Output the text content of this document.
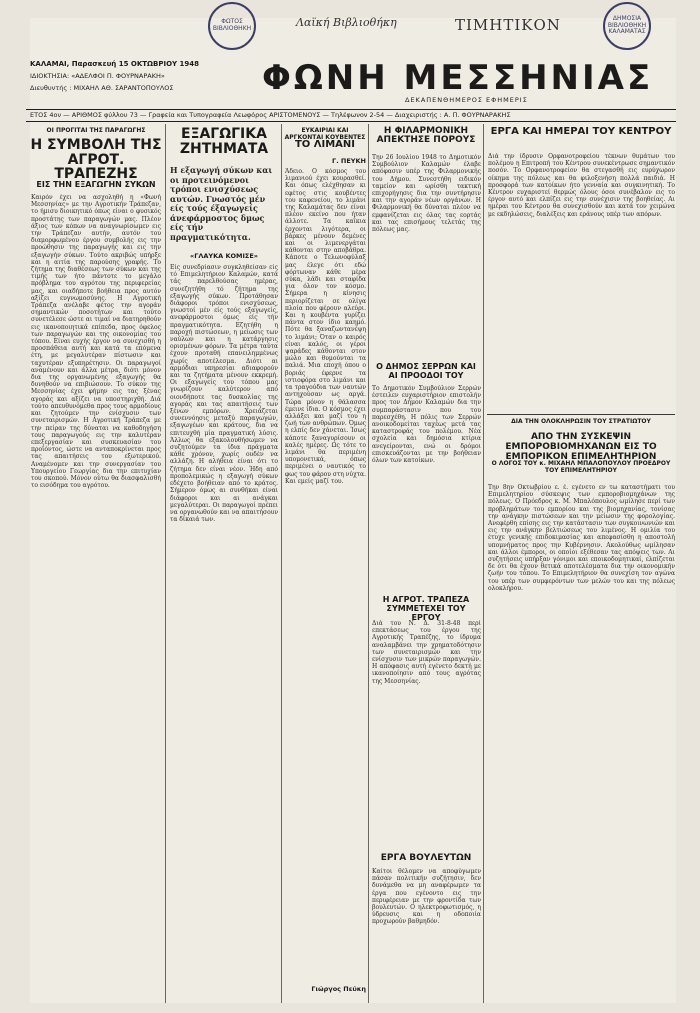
ΦΩΤΟΣ ΒΙΒΛΙΟΘΗΚΗ
ΔΗΜΟΣΙΑ ΒΙΒΛΙΟΘΗΚΗ ΚΑΛΑΜΑΤΑΣ
Λαϊκή Βιβλιοθήκη	ΤΙΜΗΤΙΚΟΝ
ΚΑΛΑΜΑΙ, Παρασκευή 15 ΟΚΤΩΒΡΙΟΥ 1948
ΙΔΙΟΚΤΗΣΙΑ: «ΑΔΕΛΦΟΙ Π. ΦΟΥΡΝΑΡΑΚΗ»
Διευθυντής : ΜΙΧΑΗΛ ΑΘ. ΣΑΡΑΝΤΟΠΟΥΛΟΣ	ΦΩΝΗ ΜΕΣΣΗΝΙΑΣ
ΔΕΚΑΠΕΝΘΗΜΕΡΟΣ ΕΦΗΜΕΡΙΣ
ΕΤΟΣ 4ον — ΑΡΙΘΜΟΣ φύλλου 73 — Γραφεία και Τυπογραφεία Λεωφόρος ΑΡΙΣΤΟΜΕΝΟΥΣ — Τηλέφωνον 2-54 — Διαχειριστής : Α. Π. ΦΟΥΡΝΑΡΑΚΗΣ
ΟΙ ΠΡΟΓΙΤΑΙ ΤΗΣ ΠΑΡΑΓΩΓΗΣ
Η ΣΥΜΒΟΛΗ ΤΗΣ ΑΓΡΟΤ. ΤΡΑΠΕΖΗΣ
ΕΙΣ ΤΗΝ ΕΞΑΓΩΓΗΝ ΣΥΚΩΝ
Καιρόν έχει να ασχοληθή η «Φωνή Μεσσηνίας» με την Αγροτικήν Τράπεζαν, το ήμισυ διοικητικό όπως είναι ο φυσικός προστάτης των παραγωγών μας. Πλέον άξιος των κόπων να αναγνωρίσωμεν εις την Τράπεζαν αυτήν, αυτόν του διαμορφωμένου έργου συμβολής εις την προώθησιν της παραγωγής και εις την εξαγωγήν σύκων. Τούτο ακριβώς υπήρξε και η αιτία της παρούσης γραφής. Το ζήτημα της διαθέσεως των σύκων και της τιμής των ήτο πάντοτε το μεγάλο πρόβλημα του αγρότου της περιφερείας μας, και οιαδήποτε βοήθεια προς αυτόν αξίζει ευγνωμοσύνης. Η Αγροτική Τράπεζα ανέλαβε φέτος την αγοράν σημαντικών ποσοτήτων και τούτο συνετέλεσε ώστε αι τιμαί να διατηρηθούν εις ικανοποιητικά επίπεδα, προς όφελος των παραγωγών και της οικονομίας του τόπου. Είναι ευχής έργον να συνεχισθή η προσπάθεια αυτή και κατά τα επόμενα έτη, με μεγαλυτέραν πίστωσιν και ταχυτέραν εξυπηρέτησιν. Οι παραγωγοί αναμένουν και άλλα μέτρα, διότι μόνον δια της οργανωμένης εξαγωγής θα δυνηθούν να επιβιώσουν. Το σύκον της Μεσσηνίας έχει φήμην εις τας ξένας αγοράς και αξίζει να υποστηριχθή. Διά τούτο απευθυνόμεθα προς τους αρμοδίους και ζητούμεν την ενίσχυσιν των συνεταιρισμών. Η Αγροτική Τράπεζα με την πείραν της δύναται να καθοδηγήση τους παραγωγούς εις την καλυτέραν επεξεργασίαν και συσκευασίαν του προϊόντος, ώστε να ανταποκρίνεται προς τας απαιτήσεις του εξωτερικού. Αναμένομεν και την συνεργασίαν του Υπουργείου Γεωργίας δια την επιτυχίαν του σκοπού. Μόνον ούτω θα διασφαλισθή το εισόδημα του αγρότου.
ΕΞΑΓΩΓΙΚΑ ΖΗΤΗΜΑΤΑ
Η εξαγωγή σύκων και οι προτεινόμενοι τρόποι ενισχύσεως αυτών. Γνωστός μέν είς τούς έξαγωγείς άνεφάρμοστος δμως είς τήν πραγματικότητα.
«ΓΛΑΥΚΑ ΚΟΜΙΣΕ»
Είς συνεδρίασιν συγκληθείσαν είς τό Επιμελητήριον Καλαμών, κατά τάς παρελθούσας ημέρας, συνεζητήθη τό ζήτημα της εξαγωγής σύκων. Προτάθησαν διάφοροι τρόποι ενισχύσεως, γνωστοί μέν είς τούς εξαγωγείς, ανεφάρμοστοι όμως είς τήν πραγματικότητα. Εζητήθη η παροχή πιστώσεων, η μείωσις των ναύλων και η κατάργησις ορισμένων φόρων. Τα μέτρα ταύτα έχουν προταθή επανειλημμένως χωρίς αποτέλεσμα. Διότι αι αρμόδιαι υπηρεσίαι αδιαφορούν και τα ζητήματα μένουν εκκρεμή. Οι εξαγωγείς του τόπου μας γνωρίζουν καλύτερον από οιονδήποτε τας δυσκολίας της αγοράς και τας απαιτήσεις των ξένων εμπόρων. Χρειάζεται συνεννόησις μεταξύ παραγωγών, εξαγωγέων και κράτους, δια να επιτευχθή μία πραγματική λύσις. Άλλως θα εξακολουθήσωμεν να συζητούμεν τα ίδια πράγματα κάθε χρόνον, χωρίς ουδέν να αλλάζη. Η αλήθεια είναι ότι το ζήτημα δεν είναι νέον. Ήδη από προπολεμικώς η εξαγωγή σύκων εδέχετο βοήθειαν από το κράτος. Σήμερον όμως αι συνθήκαι είναι διάφοροι και αι ανάγκαι μεγαλύτεραι. Οι παραγωγοί πρέπει να οργανωθούν και να απαιτήσουν τα δίκαιά των.
ΕΥΚΑΙΡΙΑΙ ΚΑΙ ΑΡΓΚΟΝΤΑΙ ΚΟΥΒΕΝΤΕΣ
ΤΟ ΛΙΜΑΝΙ
Γ. ΠΕΥΚΗ
Άδειο. Ο κόσμος του λιμανιού έχει κουρασθεί. Και όπως ελέχθησαν κι εφέτος στις κουβέντες του καφενείου, το λιμάνι της Καλαμάτας δεν είναι πλέον εκείνο που ήταν άλλοτε. Τα καΐκια έρχονται λιγότερα, οι βάρκες μένουν δεμένες και οι λιμενεργάται κάθονται στην αποβάθρα. Κάποτε ο Τελωνοφύλαξ μας έλεγε ότι εδώ φόρτωναν κάθε μέρα σύκα, λάδι και σταφίδα για όλον τον κόσμο. Σήμερα η κίνησις περιορίζεται σε ολίγα πλοία που φέρουν αλεύρι. Και η κουβέντα γυρίζει πάντα στον ίδιο καημό. Πότε θα ξαναζωντανέψη το λιμάνι; Όταν ο καιρός είναι καλός, οι γέροι ψαράδες κάθονται στον μώλο και θυμούνται τα παλιά. Μια εποχή όπου ο βοριάς έφερνε τα ιστιοφόρα στο λιμάνι και τα τραγούδια των ναυτών αντηχούσαν ως αργά. Τώρα μόνον η θάλασσα έμεινε ίδια. Ο κόσμος έχει αλλάξει και μαζί του η ζωή των ανθρώπων. Όμως η ελπίς δεν χάνεται. Ίσως κάποτε ξαναγυρίσουν οι καλές ημέρες. Ως τότε το λιμάνι θα περιμένη υπομονετικά, όπως περιμένει ο ναυτικός το φως του φάρου στη νύχτα. Και εμείς μαζί του.
Γιώργος Πεύκη
Η ΦΙΛΑΡΜΟΝΙΚΗ ΑΠΕΚΤΗΣΕ ΠΟΡΟΥΣ
Την 26 Ιουλίου 1948 το Δημοτικόν Συμβούλιον Καλαμών έλαβε απόφασιν υπέρ της Φιλαρμονικής του Δήμου. Συνεστήθη ειδικόν ταμείον και ωρίσθη τακτική επιχορήγησις δια την συντήρησιν και την αγοράν νέων οργάνων. Η Φιλαρμονική θα δύναται πλέον να εμφανίζεται εις όλας τας εορτάς και τας επισήμους τελετάς της πόλεως μας.
Ο ΔΗΜΟΣ ΣΕΡΡΩΝ ΚΑΙ ΑΙ ΠΡΟΟΔΟΙ ΤΟΥ
Το Δημοτικόν Συμβούλιον Σερρών έστειλεν ευχαριστήριον επιστολήν προς τον Δήμον Καλαμών δια την συμπαράστασιν που του παρεσχέθη. Η πόλις των Σερρών ανοικοδομείται ταχέως μετά τας καταστροφάς του πολέμου. Νέα σχολεία και δημόσια κτίρια ανεγείρονται, ενώ οι δρόμοι επισκευάζονται με την βοήθειαν όλων των κατοίκων.
Η ΑΓΡΟΤ. ΤΡΑΠΕΖΑ ΣΥΜΜΕΤΕΧΕΙ ΤΟΥ ΕΡΓΟΥ
Διά του Ν. Δ. 31-8-48 περί επεκτάσεως του έργου της Αγροτικής Τραπέζης, το ίδρυμα αναλαμβάνει την χρηματοδότησιν των συνεταιρισμών και την ενίσχυσιν των μικρών παραγωγών. Η απόφασις αυτή εγένετο δεκτή με ικανοποίησιν από τους αγρότας της Μεσσηνίας.
ΕΡΓΑ ΒΟΥΛΕΥΤΩΝ
Καίτοι θέλομεν να αποφύγωμεν πάσαν πολιτικήν συζήτησιν, δεν δυνάμεθα να μη αναφέρωμεν τα έργα που εγένοντο εις την περιφέρειαν με την φροντίδα των βουλευτών. Ο ηλεκτροφωτισμός, η ύδρευσις και η οδοποιία προχωρούν βαθμηδόν.
ΕΡΓΑ ΚΑΙ ΗΜΕΡΑΙ ΤΟΥ ΚΕΝΤΡΟΥ
Διά την ίδρυσιν Ορφανοτροφείου τέκνων θυμάτων του πολέμου η Επιτροπή του Κέντρου συνεκέντρωσε σημαντικόν ποσόν. Το Ορφανοτροφείον θα στεγασθή εις ευρύχωρον οίκημα της πόλεως και θα φιλοξενήση πολλά παιδιά. Η προσφορά των κατοίκων ήτο γενναία και συγκινητική. Το Κέντρον ευχαριστεί θερμώς όλους όσοι συνέβαλον εις το έργον αυτό και ελπίζει εις την συνέχισιν της βοηθείας. Αι ημέραι του Κέντρου θα συνεχισθούν και κατά τον χειμώνα με εκδηλώσεις, διαλέξεις και εράνους υπέρ των απόρων.
ΔΙΑ ΤΗΝ ΟΛΟΚΛΗΡΩΣΙΝ ΤΟΥ ΣΤΡΑΤΙΩΤΟΥ
ΑΠΟ ΤΗΝ ΣΥΣΚΕΨΙΝ ΕΜΠΟΡΟΒΙΟΜΗΧΑΝΩΝ ΕΙΣ ΤΟ ΕΜΠΟΡΙΚΟΝ ΕΠΙΜΕΛΗΤΗΡΙΟΝ
Ο ΛΟΓΟΣ ΤΟΥ κ. ΜΙΧΑΗΛ ΜΠΑΛΟΠΟΥΛΟΥ ΠΡΟΕΔΡΟΥ ΤΟΥ ΕΠΙΜΕΛΗΤΗΡΙΟΥ
Την 8ην Οκτωβρίου ε. έ. εγένετο εν τω καταστήματι του Επιμελητηρίου σύσκεψις των εμποροβιομηχάνων της πόλεως. Ο Πρόεδρος κ. Μ. Μπαλόπουλος ωμίλησε περί των προβλημάτων του εμπορίου και της βιομηχανίας, τονίσας την ανάγκην πιστώσεων και την μείωσιν της φορολογίας. Ανεφέρθη επίσης εις την κατάστασιν των συγκοινωνιών και εις την ανάγκην βελτιώσεως του λιμένος. Η ομιλία του έτυχε γενικής επιδοκιμασίας και απεφασίσθη η αποστολή υπομνήματος προς την Κυβέρνησιν. Ακολούθως ωμίλησαν και άλλοι έμποροι, οι οποίοι εξέθεσαν τας απόψεις των. Αι συζητήσεις υπήρξαν γόνιμοι και εποικοδομητικαί, ελπίζεται δε ότι θα έχουν θετικά αποτελέσματα δια την οικονομικήν ζωήν του τόπου. Το Επιμελητήριον θα συνεχίση τον αγώνα του υπέρ των συμφερόντων των μελών του και της πόλεως ολοκλήρου.
